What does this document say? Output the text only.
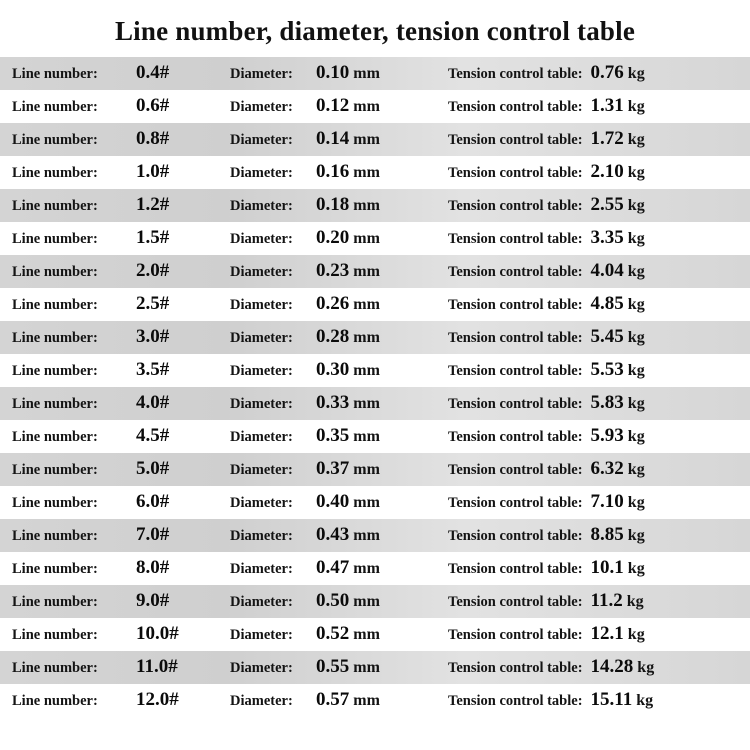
Line number, diameter, tension control table
Line number:	0.4#	Diameter:	0.10 mm	Tension control table: 0.76 kg
Line number:	0.6#	Diameter:	0.12 mm	Tension control table: 1.31 kg
Line number:	0.8#	Diameter:	0.14 mm	Tension control table: 1.72 kg
Line number:	1.0#	Diameter:	0.16 mm	Tension control table: 2.10 kg
Line number:	1.2#	Diameter:	0.18 mm	Tension control table: 2.55 kg
Line number:	1.5#	Diameter:	0.20 mm	Tension control table: 3.35 kg
Line number:	2.0#	Diameter:	0.23 mm	Tension control table: 4.04 kg
Line number:	2.5#	Diameter:	0.26 mm	Tension control table: 4.85 kg
Line number:	3.0#	Diameter:	0.28 mm	Tension control table: 5.45 kg
Line number:	3.5#	Diameter:	0.30 mm	Tension control table: 5.53 kg
Line number:	4.0#	Diameter:	0.33 mm	Tension control table: 5.83 kg
Line number:	4.5#	Diameter:	0.35 mm	Tension control table: 5.93 kg
Line number:	5.0#	Diameter:	0.37 mm	Tension control table: 6.32 kg
Line number:	6.0#	Diameter:	0.40 mm	Tension control table: 7.10 kg
Line number:	7.0#	Diameter:	0.43 mm	Tension control table: 8.85 kg
Line number:	8.0#	Diameter:	0.47 mm	Tension control table: 10.1 kg
Line number:	9.0#	Diameter:	0.50 mm	Tension control table: 11.2 kg
Line number:	10.0#	Diameter:	0.52 mm	Tension control table: 12.1 kg
Line number:	11.0#	Diameter:	0.55 mm	Tension control table: 14.28 kg
Line number:	12.0#	Diameter:	0.57 mm	Tension control table: 15.11 kg
